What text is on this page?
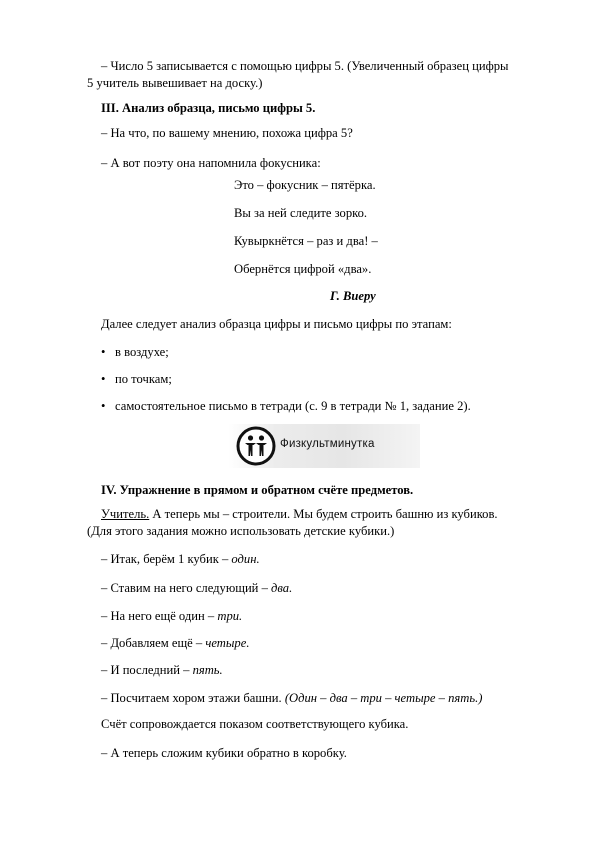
– Число 5 записывается с помощью цифры 5. (Увеличенный образец цифры
5 учитель вывешивает на доску.)
III. Анализ образца, письмо цифры 5.
– На что, по вашему мнению, похожа цифра 5?
– А вот поэту она напомнила фокусника:
Это – фокусник – пятёрка.
Вы за ней следите зорко.
Кувыркнётся – раз и два! –
Обернётся цифрой «два».
Г. Виеру
Далее следует анализ образца цифры и письмо цифры по этапам:
• в воздухе;
• по точкам;
• самостоятельное письмо в тетради (с. 9 в тетради № 1, задание 2).
Физкультминутка
IV. Упражнение в прямом и обратном счёте предметов.
Учитель. А теперь мы – строители. Мы будем строить башню из кубиков.
(Для этого задания можно использовать детские кубики.)
– Итак, берём 1 кубик – один.
– Ставим на него следующий – два.
– На него ещё один – три.
– Добавляем ещё – четыре.
– И последний – пять.
– Посчитаем хором этажи башни. (Один – два – три – четыре – пять.)
Счёт сопровождается показом соответствующего кубика.
– А теперь сложим кубики обратно в коробку.
